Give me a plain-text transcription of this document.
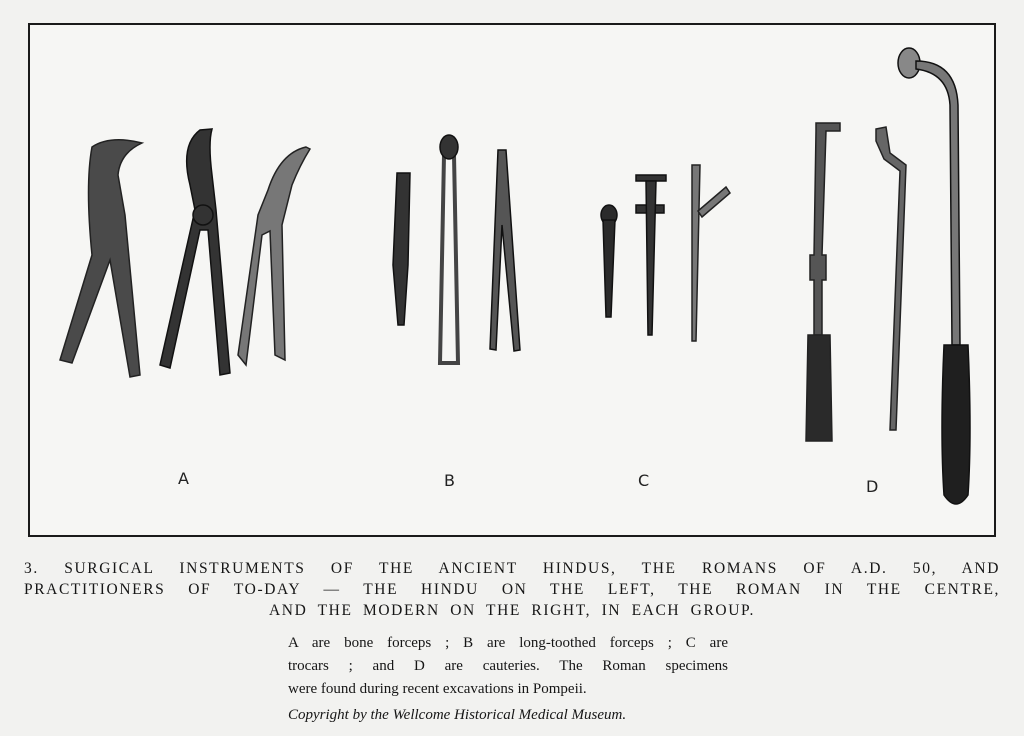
A	B	C	D
3. SURGICAL INSTRUMENTS OF THE ANCIENT HINDUS, THE ROMANS OF A.D. 50, AND
PRACTITIONERS OF TO-DAY — THE HINDU ON THE LEFT, THE ROMAN IN THE CENTRE,
AND THE MODERN ON THE RIGHT, IN EACH GROUP.
A are bone forceps ; B are long-toothed forceps ; C are
trocars ; and D are cauteries. The Roman specimens
were found during recent excavations in Pompeii.
Copyright by the Wellcome Historical Medical Museum.
